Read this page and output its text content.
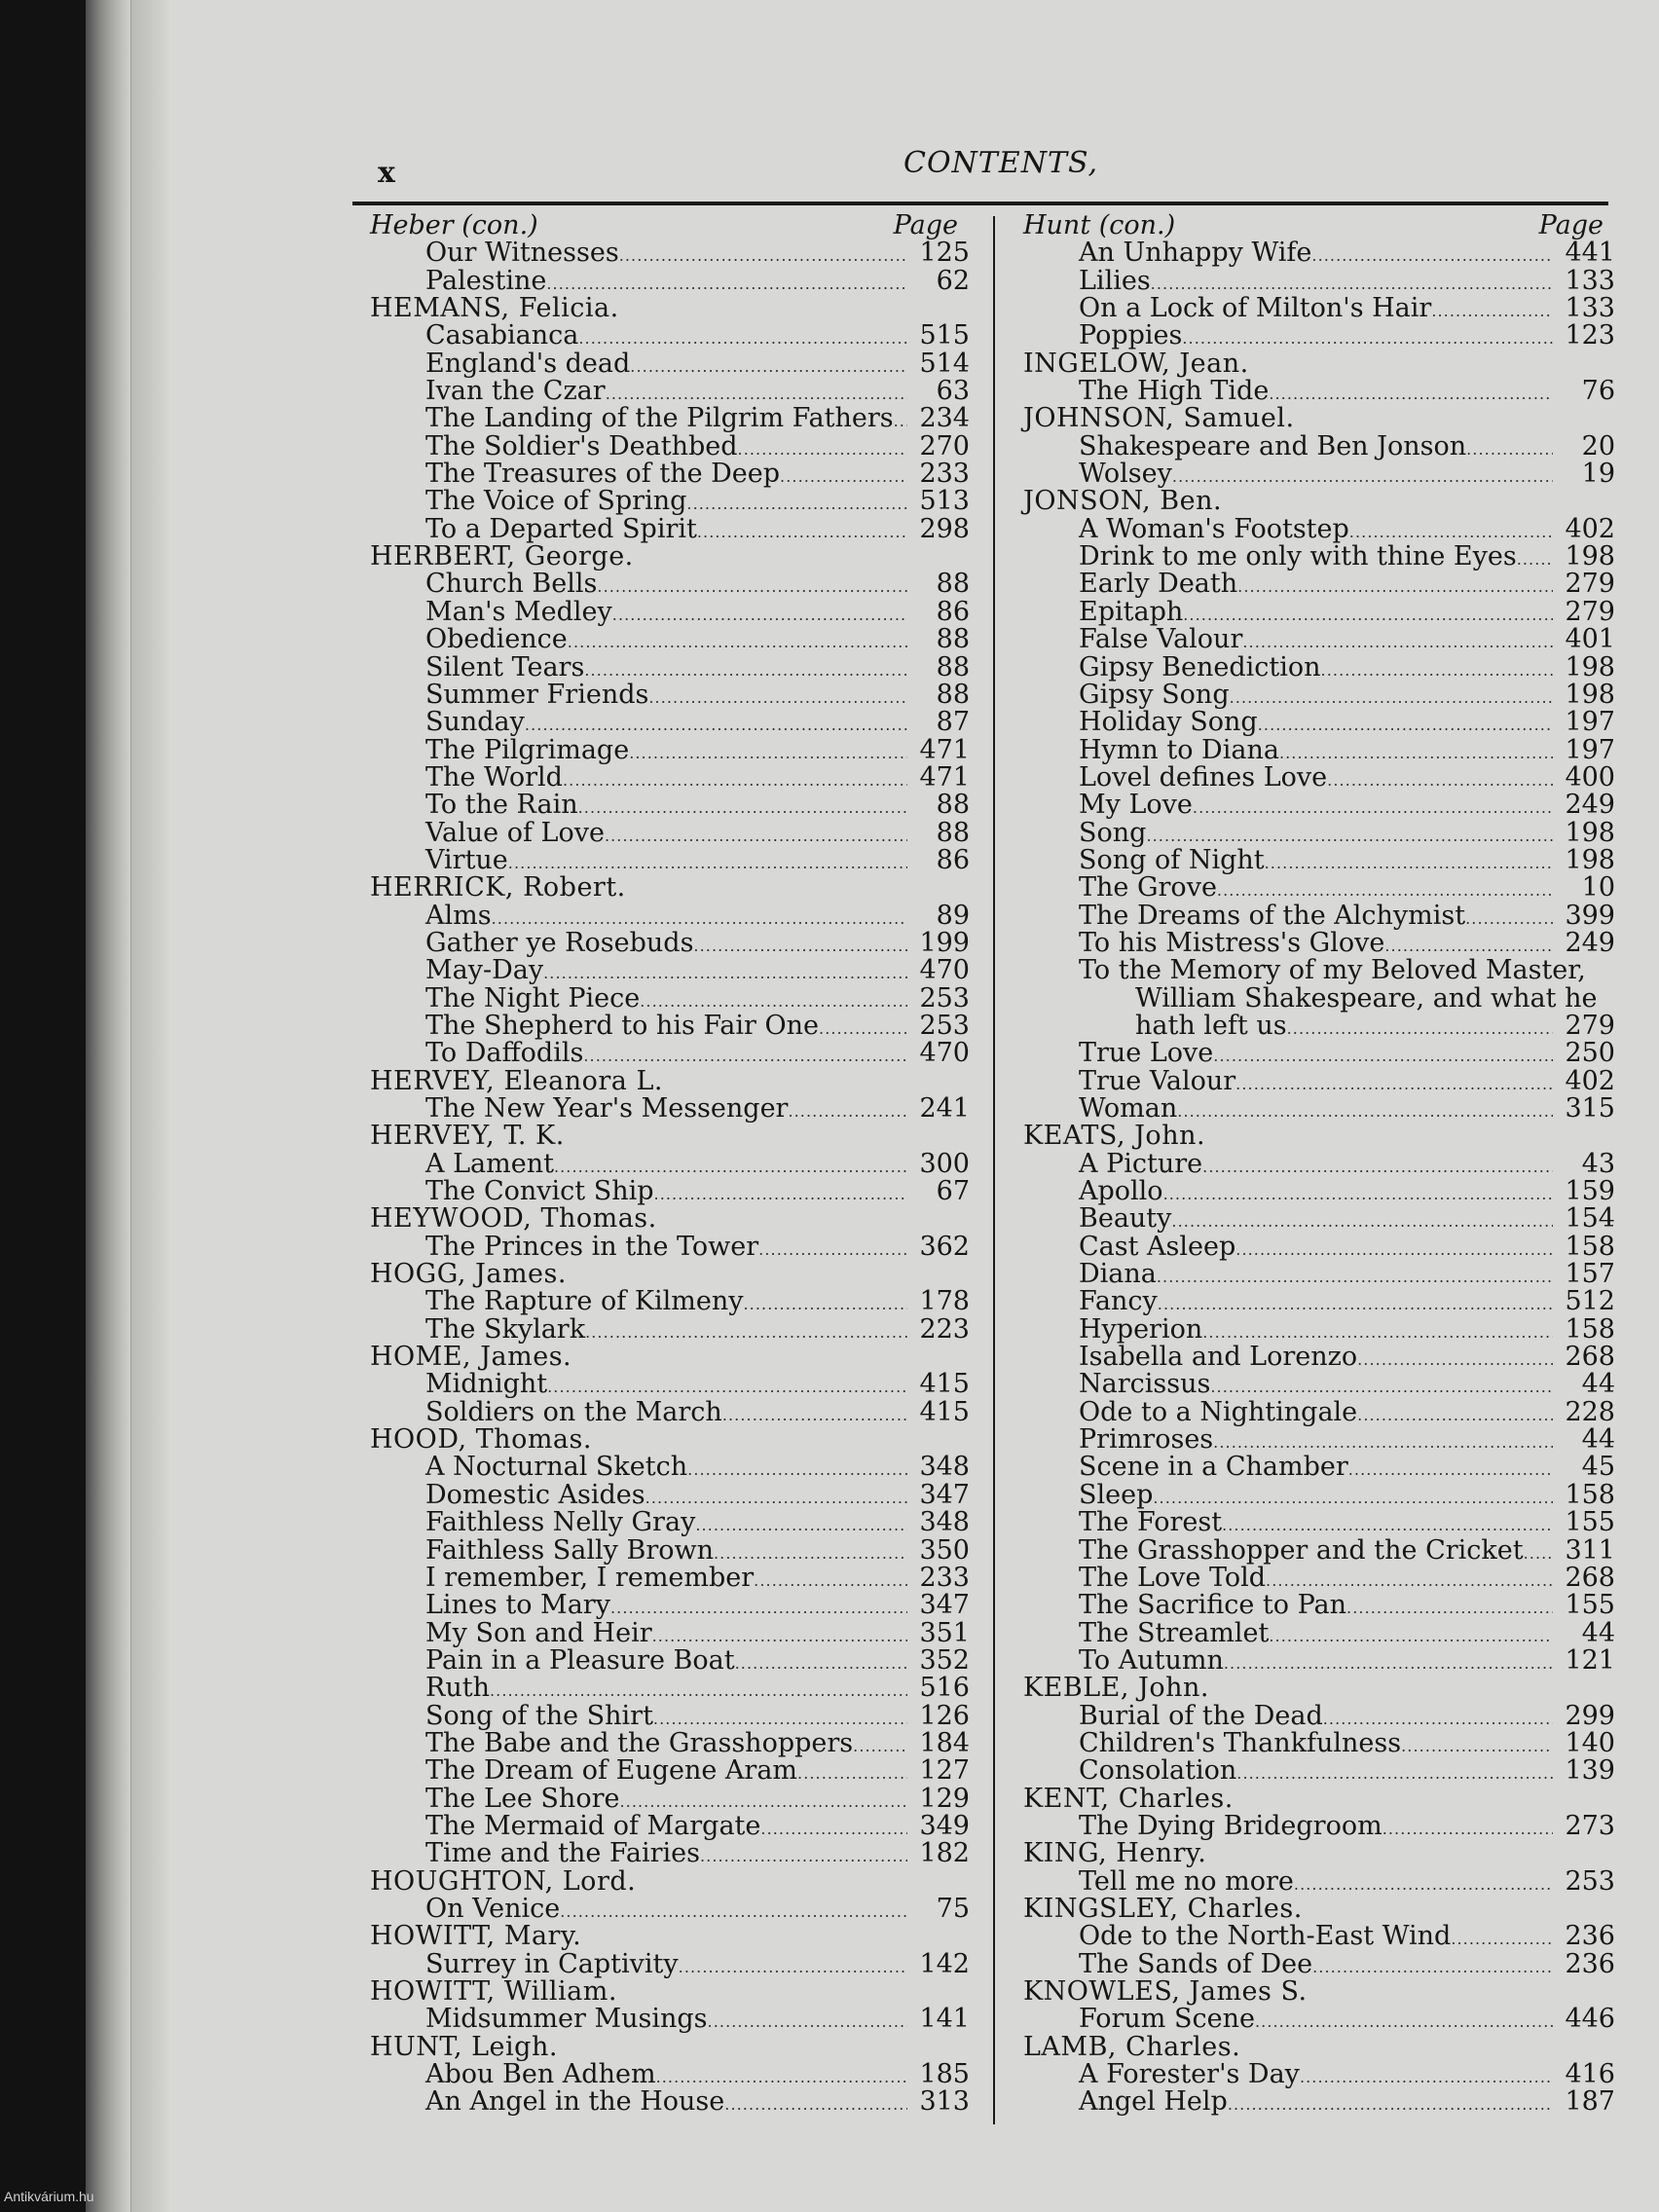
x	CONTENTS,
Heber (con.)	Page
Our Witnesses . . .	125
Palestine . . .	62
HEMANS, Felicia.
Casabianca . . .	515
England's dead . . .	514
Ivan the Czar . . .	63
The Landing of the Pilgrim Fathers . . . 234
The Soldier's Deathbed . . .	270
The Treasures of the Deep . . .	233
The Voice of Spring . . .	513
To a Departed Spirit . . .	298
HERBERT, George.
Church Bells . . .	88
Man's Medley . . .	86
Obedience . . .	88
Silent Tears . . .	88
Summer Friends . . .	88
Sunday . . .	87
The Pilgrimage . . .	471
The World . . .	471
To the Rain . . .	88
Value of Love . . .	88
Virtue . . .	86
HERRICK, Robert.
Alms . . .	89
Gather ye Rosebuds . . .	199
May-Day . . .	470
The Night Piece . . .	253
The Shepherd to his Fair One . . .	253
To Daffodils . . .	470
HERVEY, Eleanora L.
The New Year's Messenger . . .	241
HERVEY, T. K.
A Lament . . .	300
The Convict Ship . . .	67
HEYWOOD, Thomas.
The Princes in the Tower . . .	362
HOGG, James.
The Rapture of Kilmeny . . .	178
The Skylark . . .	223
HOME, James.
Midnight . . .	415
Soldiers on the March . . .	415
HOOD, Thomas.
A Nocturnal Sketch . . .	348
Domestic Asides . . .	347
Faithless Nelly Gray . . .	348
Faithless Sally Brown . . .	350
I remember, I remember . . .	233
Lines to Mary . . .	347
My Son and Heir . . .	351
Pain in a Pleasure Boat . . .	352
Ruth . . .	516
Song of the Shirt . . .	126
The Babe and the Grasshoppers . . .	184
The Dream of Eugene Aram . . .	127
The Lee Shore . . .	129
The Mermaid of Margate . . .	349
Time and the Fairies . . .	182
HOUGHTON, Lord.
On Venice . . .	75
HOWITT, Mary.
Surrey in Captivity . . .	142
HOWITT, William.
Midsummer Musings . . .	141
HUNT, Leigh.
Abou Ben Adhem . . .	185
An Angel in the House . . .	313
Hunt (con.)	Page
An Unhappy Wife . . .	441
Lilies . . .	133
On a Lock of Milton's Hair . . .	133
Poppies . . .	123
INGELOW, Jean.
The High Tide . . .	76
JOHNSON, Samuel.
Shakespeare and Ben Jonson . . .	20
Wolsey . . .	19
JONSON, Ben.
A Woman's Footstep . . .	402
Drink to me only with thine Eyes . . .	198
Early Death . . .	279
Epitaph . . .	279
False Valour . . .	401
Gipsy Benediction . . .	198
Gipsy Song . . .	198
Holiday Song . . .	197
Hymn to Diana . . .	197
Lovel defines Love . . .	400
My Love . . .	249
Song . . .	198
Song of Night . . .	198
The Grove . . .	10
The Dreams of the Alchymist . . .	399
To his Mistress's Glove . . .	249
To the Memory of my Beloved Master,
William Shakespeare, and what he
hath left us . . .	279
True Love . . .	250
True Valour . . .	402
Woman . . .	315
KEATS, John.
A Picture . . .	43
Apollo . . .	159
Beauty . . .	154
Cast Asleep . . .	158
Diana . . .	157
Fancy . . .	512
Hyperion . . .	158
Isabella and Lorenzo . . .	268
Narcissus . . .	44
Ode to a Nightingale . . .	228
Primroses . . .	44
Scene in a Chamber . . .	45
Sleep . . .	158
The Forest . . .	155
The Grasshopper and the Cricket . . .	311
The Love Told . . .	268
The Sacrifice to Pan . . .	155
The Streamlet . . .	44
To Autumn . . .	121
KEBLE, John.
Burial of the Dead . . .	299
Children's Thankfulness . . .	140
Consolation . . .	139
KENT, Charles.
The Dying Bridegroom . . .	273
KING, Henry.
Tell me no more . . .	253
KINGSLEY, Charles.
Ode to the North-East Wind . . .	236
The Sands of Dee . . .	236
KNOWLES, James S.
Forum Scene . . .	446
LAMB, Charles.
A Forester's Day . . .	416
Angel Help . . .	187
Antikvárium.hu
